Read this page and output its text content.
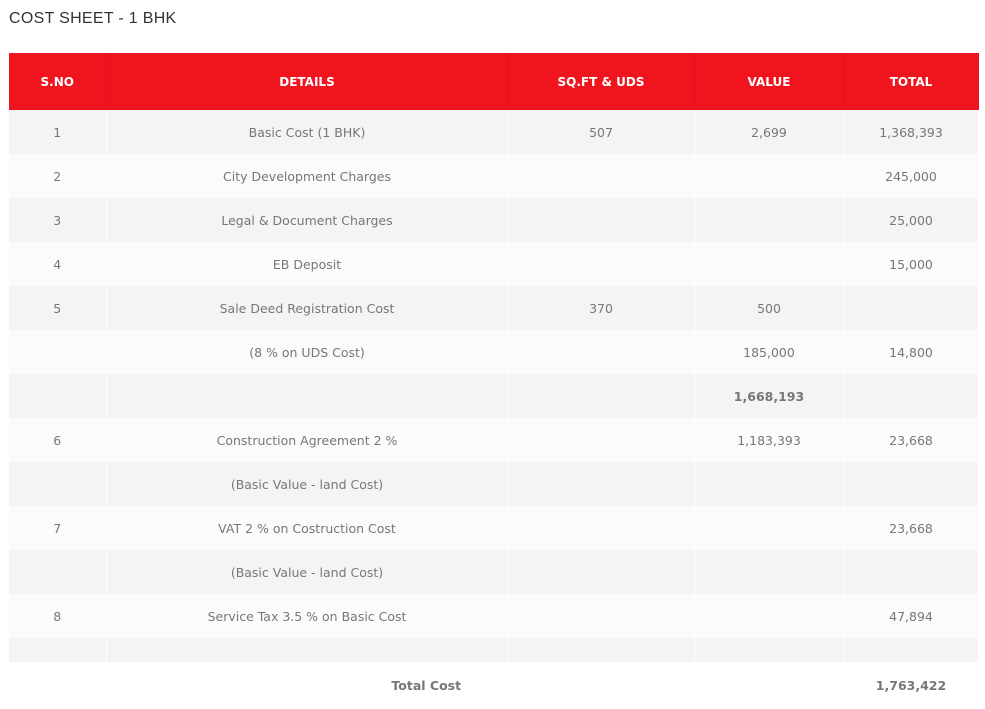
COST SHEET - 1 BHK
S.NO	DETAILS	SQ.FT & UDS	VALUE	TOTAL
1	Basic Cost (1 BHK)	507	2,699	1,368,393
2	City Development Charges			245,000
3	Legal & Document Charges			25,000
4	EB Deposit			15,000
5	Sale Deed Registration Cost	370	500	
	(8 % on UDS Cost)		185,000	14,800
			1,668,193	
6	Construction Agreement 2 %		1,183,393	23,668
	(Basic Value - land Cost)			
7	VAT 2 % on Costruction Cost			23,668
	(Basic Value - land Cost)			
8	Service Tax 3.5 % on Basic Cost			47,894

Total Cost				1,763,422
